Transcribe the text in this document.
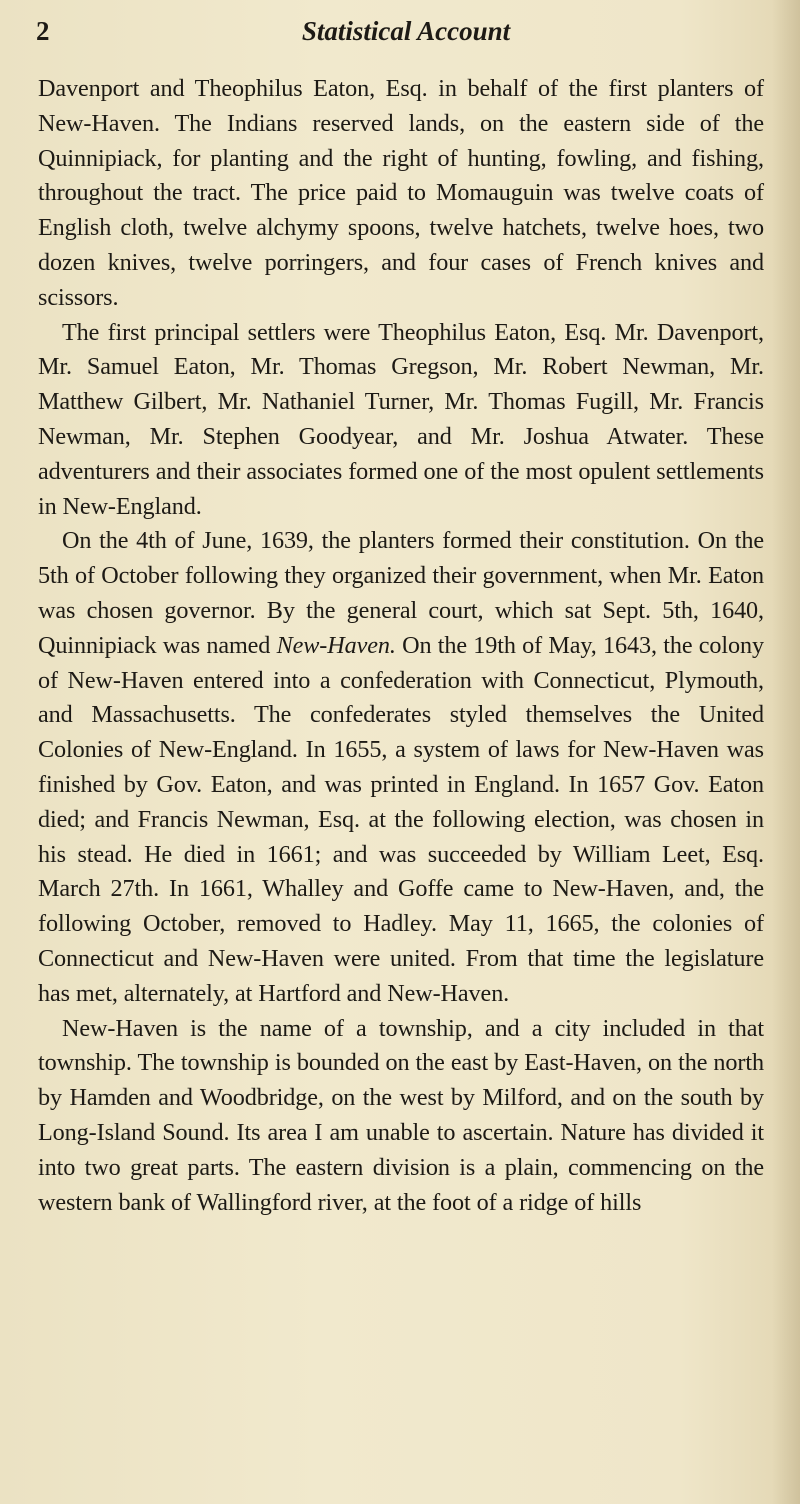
2	Statistical Account

Davenport and Theophilus Eaton, Esq. in behalf of the first planters of New-Haven. The Indians reserved lands, on the eastern side of the Quinnipiack, for planting and the right of hunting, fowling, and fishing, throughout the tract. The price paid to Momauguin was twelve coats of English cloth, twelve alchymy spoons, twelve hatchets, twelve hoes, two dozen knives, twelve porringers, and four cases of French knives and scissors.

The first principal settlers were Theophilus Eaton, Esq. Mr. Davenport, Mr. Samuel Eaton, Mr. Thomas Gregson, Mr. Robert Newman, Mr. Matthew Gilbert, Mr. Nathaniel Turner, Mr. Thomas Fugill, Mr. Francis Newman, Mr. Stephen Goodyear, and Mr. Joshua Atwater. These adventurers and their associates formed one of the most opulent settlements in New-England.

On the 4th of June, 1639, the planters formed their constitution. On the 5th of October following they organized their government, when Mr. Eaton was chosen governor. By the general court, which sat Sept. 5th, 1640, Quinnipiack was named New-Haven. On the 19th of May, 1643, the colony of New-Haven entered into a confederation with Connecticut, Plymouth, and Massachusetts. The confederates styled themselves the United Colonies of New-England. In 1655, a system of laws for New-Haven was finished by Gov. Eaton, and was printed in England. In 1657 Gov. Eaton died; and Francis Newman, Esq. at the following election, was chosen in his stead. He died in 1661; and was succeeded by William Leet, Esq. March 27th. In 1661, Whalley and Goffe came to New-Haven, and, the following October, removed to Hadley. May 11, 1665, the colonies of Connecticut and New-Haven were united. From that time the legislature has met, alternately, at Hartford and New-Haven.

New-Haven is the name of a township, and a city included in that township. The township is bounded on the east by East-Haven, on the north by Hamden and Woodbridge, on the west by Milford, and on the south by Long-Island Sound. Its area I am unable to ascertain. Nature has divided it into two great parts. The eastern division is a plain, commencing on the western bank of Wallingford river, at the foot of a ridge of hills
